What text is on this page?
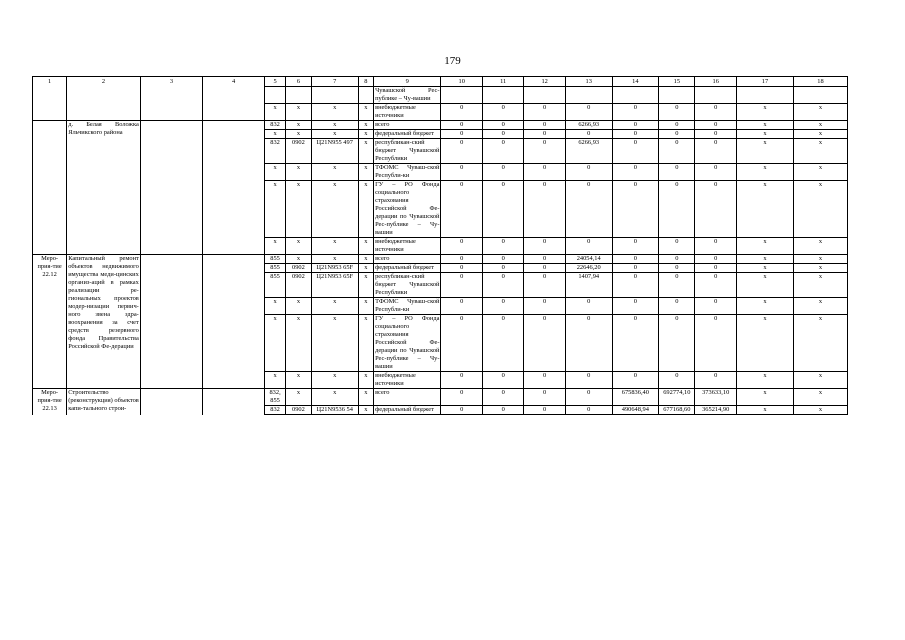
179
1	2	3	4	5	6	7	8	9	10	11	12	13	14	15	16	17	18
								Чувашской Рес-публике – Чу-вашии									
				x	x	x	x	внебюджетные источники	0	0	0	0	0	0	0	x	x
	д. Белая Воложка Яльчикского района			832	x	x	x	всего	0	0	0	6266,93	0	0	0	x	x
				x	x	x	x	федеральный бюджет	0	0	0	0	0	0	0	x	x
				832	0902	Ц21N955 497	x	республикан-ский бюджет Чувашской Республики	0	0	0	6266,93	0	0	0	x	x
				x	x	x	x	ТФОМС Чуваш-ской Республи-ки	0	0	0	0	0	0	0	x	x
				x	x	x	x	ГУ – РО Фонда социального страхования Российской Фе-дерации по Чувашской Рес-публике – Чу-вашии	0	0	0	0	0	0	0	x	x
				x	x	x	x	внебюджетные источники	0	0	0	0	0	0	0	x	x
Меро-прия-тие 22.12	Капитальный ремонт объектов недвижимого имущества меди-цинских организ-аций в рамках реализации ре-гиональных проектов модер-низации первич-ного звена здра-воохранения за счет средств резервного фонда Правительства Российской Фе-дерации			855	x	x	x	всего	0	0	0	24054,14	0	0	0	x	x
				855	0902	Ц21N953 65F	x	федеральный бюджет	0	0	0	22646,20	0	0	0	x	x
				855	0902	Ц21N953 65F	x	республикан-ский бюджет Чувашской Республики	0	0	0	1407,94	0	0	0	x	x
				x	x	x	x	ТФОМС Чуваш-ской Республи-ки	0	0	0	0	0	0	0	x	x
				x	x	x	x	ГУ – РО Фонда социального страхования Российской Фе-дерации по Чувашской Рес-публике – Чу-вашии	0	0	0	0	0	0	0	x	x
				x	x	x	x	внебюджетные источники	0	0	0	0	0	0	0	x	x
Меро-прия-тие 22.13	Строительство (реконструкция) объектов капи-тального строи-			832, 855	x	x	x	всего	0	0	0	0	675836,40	692774,10	373633,10	x	x
				832	0902	Ц21N9536 54	x	федеральный бюджет	0	0	0	0	490648,94	677168,60	365214,90	x	x
